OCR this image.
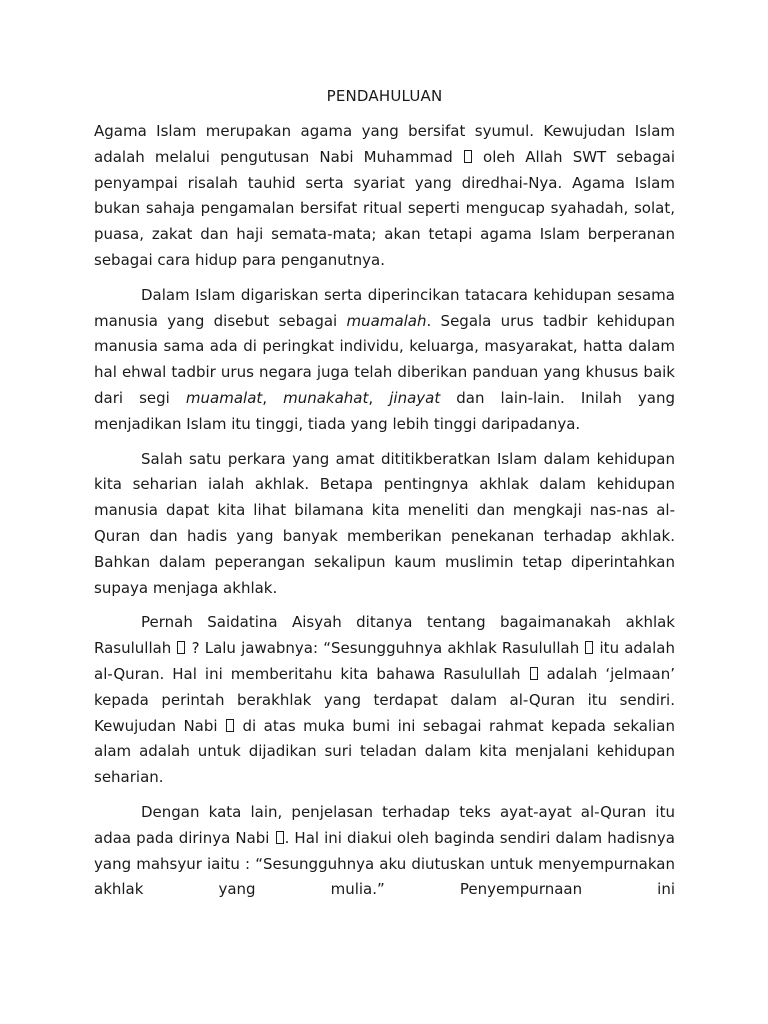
PENDAHULUAN

Agama Islam merupakan agama yang bersifat syumul. Kewujudan Islam adalah melalui pengutusan Nabi Muhammad  oleh Allah SWT sebagai penyampai risalah tauhid serta syariat yang diredhai-Nya. Agama Islam bukan sahaja pengamalan bersifat ritual seperti mengucap syahadah, solat, puasa, zakat dan haji semata-mata; akan tetapi agama Islam berperanan sebagai cara hidup para penganutnya.

Dalam Islam digariskan serta diperincikan tatacara kehidupan sesama manusia yang disebut sebagai muamalah. Segala urus tadbir kehidupan manusia sama ada di peringkat individu, keluarga, masyarakat, hatta dalam hal ehwal tadbir urus negara juga telah diberikan panduan yang khusus baik dari segi muamalat, munakahat, jinayat dan lain-lain. Inilah yang menjadikan Islam itu tinggi, tiada yang lebih tinggi daripadanya.

Salah satu perkara yang amat dititikberatkan Islam dalam kehidupan kita seharian ialah akhlak. Betapa pentingnya akhlak dalam kehidupan manusia dapat kita lihat bilamana kita meneliti dan mengkaji nas-nas al-Quran dan hadis yang banyak memberikan penekanan terhadap akhlak. Bahkan dalam peperangan sekalipun kaum muslimin tetap diperintahkan supaya menjaga akhlak.

Pernah Saidatina Aisyah ditanya tentang bagaimanakah akhlak Rasulullah  ? Lalu jawabnya: “Sesungguhnya akhlak Rasulullah  itu adalah al-Quran. Hal ini memberitahu kita bahawa Rasulullah  adalah ‘jelmaan’ kepada perintah berakhlak yang terdapat dalam al-Quran itu sendiri. Kewujudan Nabi  di atas muka bumi ini sebagai rahmat kepada sekalian alam adalah untuk dijadikan suri teladan dalam kita menjalani kehidupan seharian.

Dengan kata lain, penjelasan terhadap teks ayat-ayat al-Quran itu adaa pada dirinya Nabi . Hal ini diakui oleh baginda sendiri dalam hadisnya yang mahsyur iaitu : “Sesungguhnya aku diutuskan untuk menyempurnakan akhlak yang mulia.” Penyempurnaan ini
